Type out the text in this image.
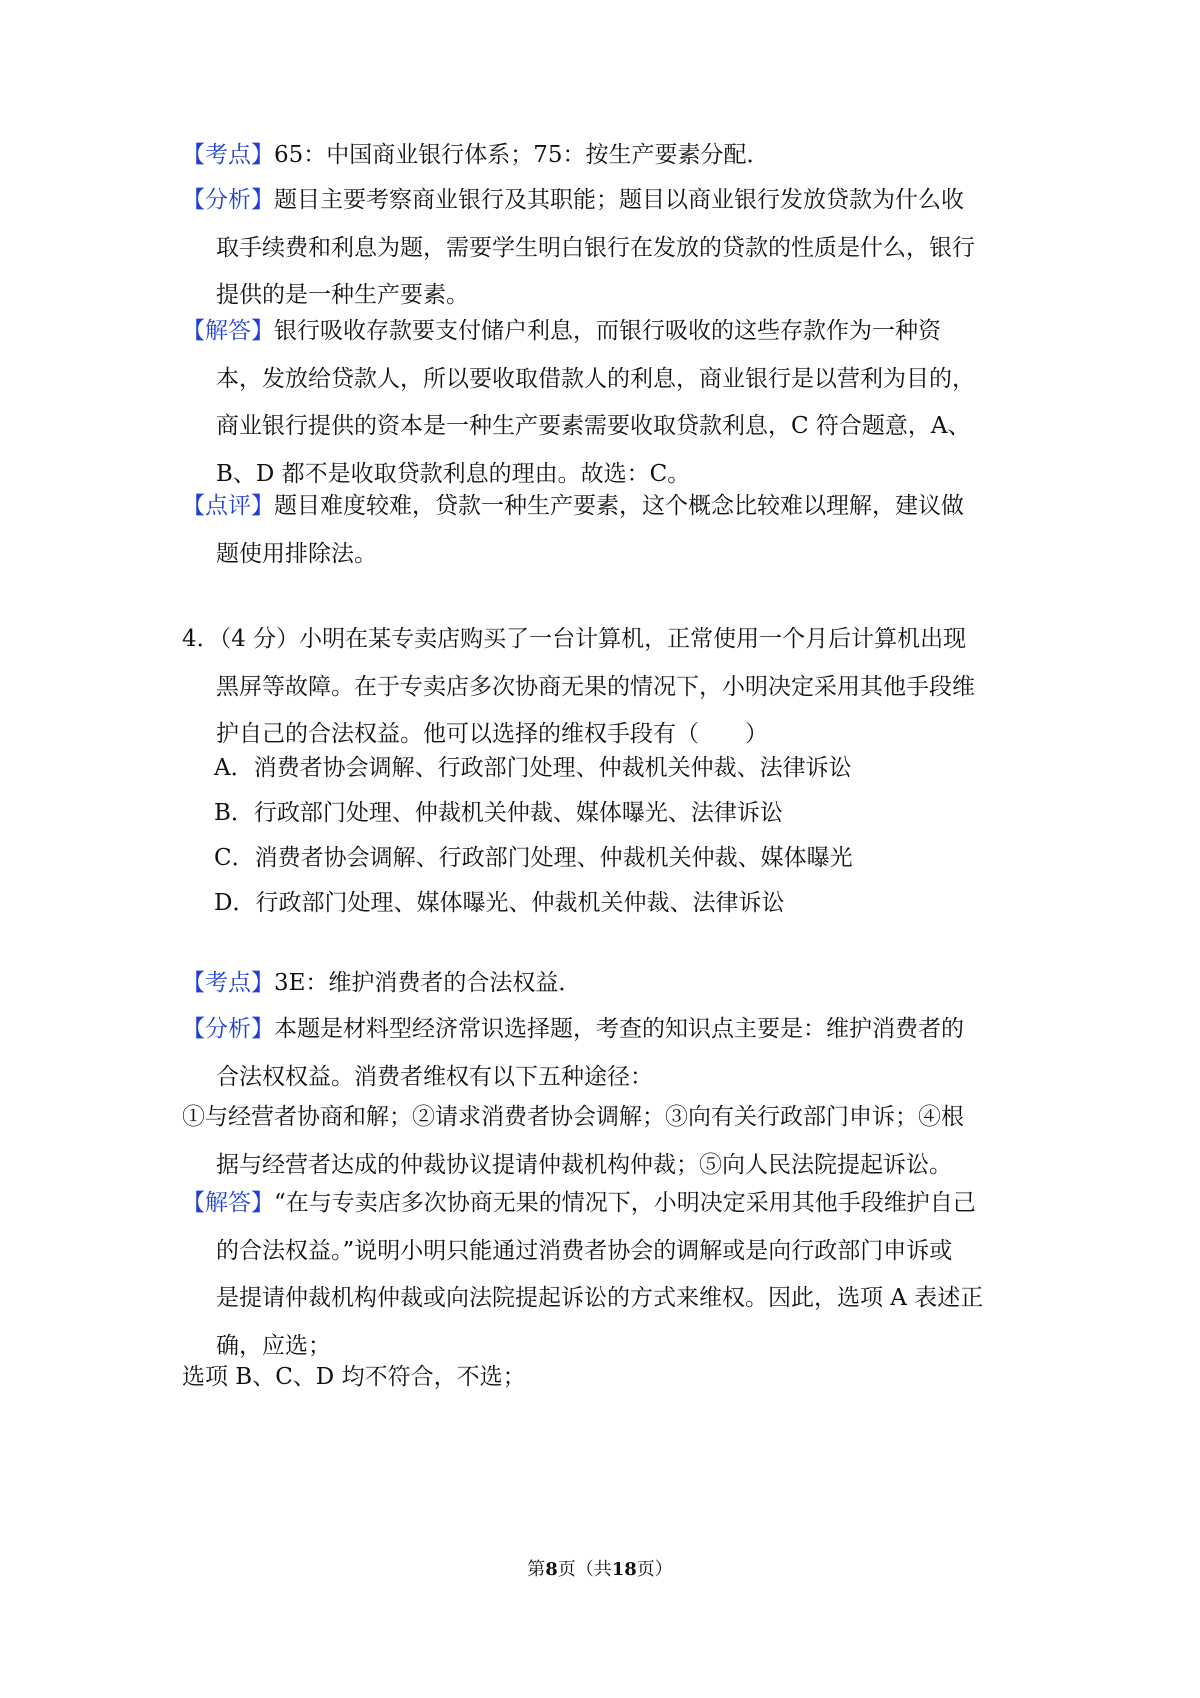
【考点】65：中国商业银行体系；75：按生产要素分配．
【分析】题目主要考察商业银行及其职能；题目以商业银行发放贷款为什么收
取手续费和利息为题，需要学生明白银行在发放的贷款的性质是什么，银行
提供的是一种生产要素。
【解答】银行吸收存款要支付储户利息，而银行吸收的这些存款作为一种资
本，发放给贷款人，所以要收取借款人的利息，商业银行是以营利为目的，
商业银行提供的资本是一种生产要素需要收取贷款利息，C 符合题意，A、
B、D 都不是收取贷款利息的理由。故选：C。
【点评】题目难度较难，贷款一种生产要素，这个概念比较难以理解，建议做
题使用排除法。
4．（4 分）小明在某专卖店购买了一台计算机，正常使用一个月后计算机出现
黑屏等故障。在于专卖店多次协商无果的情况下，小明决定采用其他手段维
护自己的合法权益。他可以选择的维权手段有（　　）
A．消费者协会调解、行政部门处理、仲裁机关仲裁、法律诉讼
B．行政部门处理、仲裁机关仲裁、媒体曝光、法律诉讼
C．消费者协会调解、行政部门处理、仲裁机关仲裁、媒体曝光
D．行政部门处理、媒体曝光、仲裁机关仲裁、法律诉讼
【考点】3E：维护消费者的合法权益．
【分析】本题是材料型经济常识选择题，考查的知识点主要是：维护消费者的
合法权权益。消费者维权有以下五种途径：
①与经营者协商和解；②请求消费者协会调解；③向有关行政部门申诉；④根
据与经营者达成的仲裁协议提请仲裁机构仲裁；⑤向人民法院提起诉讼。
【解答】“在与专卖店多次协商无果的情况下，小明决定采用其他手段维护自己
的合法权益。”说明小明只能通过消费者协会的调解或是向行政部门申诉或
是提请仲裁机构仲裁或向法院提起诉讼的方式来维权。因此，选项 A 表述正
确，应选；
选项 B、C、D 均不符合，不选；
第8页（共18页）
